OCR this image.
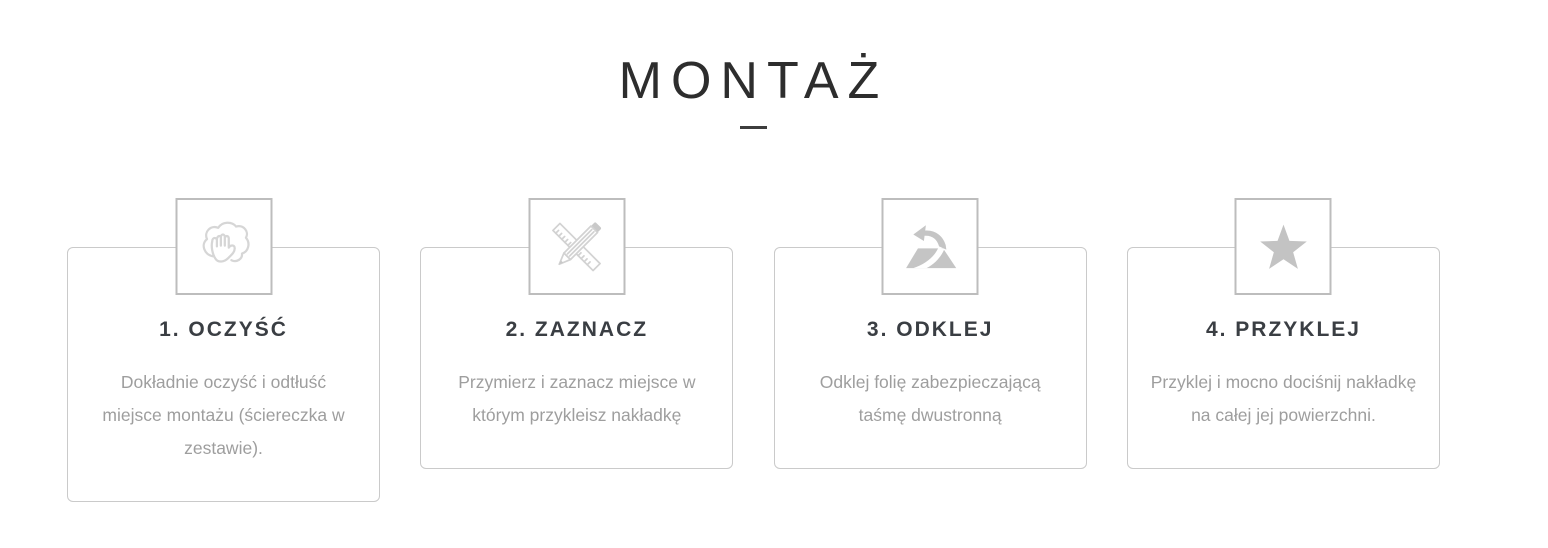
MONTAŻ
1. OCZYŚĆ

Dokładnie oczyść i odtłuść miejsce montażu (ściereczka w zestawie).

2. ZAZNACZ

Przymierz i zaznacz miejsce w którym przykleisz nakładkę

3. ODKLEJ

Odklej folię zabezpieczającą taśmę dwustronną

4. PRZYKLEJ

Przyklej i mocno dociśnij nakładkę na całej jej powierzchni.
